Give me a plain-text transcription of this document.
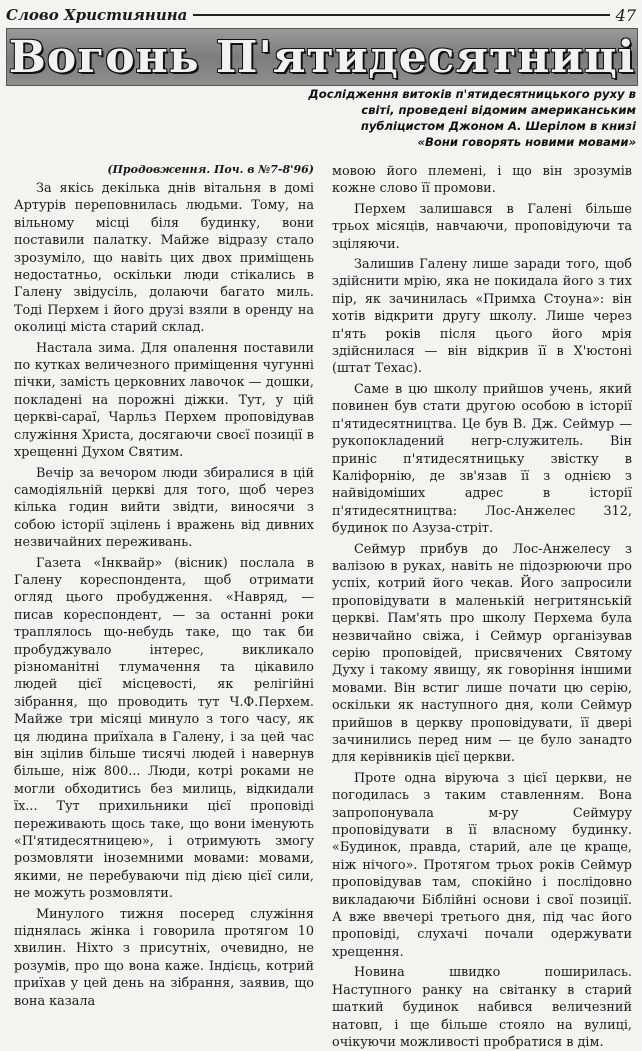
Слово Християнина	47
Вогонь П'ятидесятниці
Дослідження витоків п'ятидесятницького руху в
світі, проведені відомим американським
публіцистом Джоном А. Шерілом в книзі
«Вони говорять новими мовами»
(Продовження. Поч. в №7-8'96)

За якісь декілька днів вітальня в домі Артурів переповнилась людьми. Тому, на вільному місці біля будинку, вони поставили палатку. Майже відразу стало зрозуміло, що навіть цих двох приміщень недостатньо, оскільки люди стікались в Галену звідусіль, долаючи багато миль. Тоді Перхем і його друзі взяли в оренду на околиці міста старий склад.

Настала зима. Для опалення поставили по кутках величезного приміщення чугунні пічки, замість церковних лавочок — дошки, покладені на порожні діжки. Тут, у цій церкві-сараї, Чарльз Перхем проповідував служіння Христа, досягаючи своєї позиції в хрещенні Духом Святим.

Вечір за вечором люди збиралися в цій самодіяльній церкві для того, щоб через кілька годин вийти звідти, виносячи з собою історії зцілень і вражень від дивних незвичайних переживань.

Газета «Інквайр» (вісник) послала в Галену кореспондента, щоб отримати огляд цього пробудження. «Навряд, — писав кореспондент, — за останні роки траплялось що-небудь таке, що так би пробуджувало інтерес, викликало різноманітні тлумачення та цікавило людей цієї місцевості, як релігійні зібрання, що проводить тут Ч.Ф.Перхем. Майже три місяці минуло з того часу, як ця людина приїхала в Галену, і за цей час він зцілив більше тисячі людей і навернув більше, ніж 800... Люди, котрі роками не могли обходитись без милиць, відкидали їх... Тут прихильники цієї проповіді переживають щось таке, що вони іменують «П'ятидесятницею», і отримують змогу розмовляти іноземними мовами: мовами, якими, не перебуваючи під дією цієї сили, не можуть розмовляти.

Минулого тижня посеред служіння піднялась жінка і говорила протягом 10 хвилин. Ніхто з присутніх, очевидно, не розумів, про що вона каже. Індієць, котрий приїхав у цей день на зібрання, заявив, що вона казала

мовою його племені, і що він зрозумів кожне слово її промови.

Перхем залишався в Галені більше трьох місяців, навчаючи, проповідуючи та зціляючи.

Залишив Галену лише заради того, щоб здійснити мрію, яка не покидала його з тих пір, як зачинилась «Примха Стоуна»: він хотів відкрити другу школу. Лише через п'ять років після цього його мрія здійснилася — він відкрив її в Х'юстоні (штат Техас).

Саме в цю школу прийшов учень, який повинен був стати другою особою в історії п'ятидесятництва. Це був В. Дж. Сеймур — рукопокладений негр-служитель. Він приніс п'ятидесятницьку звістку в Каліфорнію, де зв'язав її з однією з найвідоміших адрес в історії п'ятидесятництва: Лос-Анжелес 312, будинок по Азуза-стріт.

Сеймур прибув до Лос-Анжелесу з валізою в руках, навіть не підозрюючи про успіх, котрий його чекав. Його запросили проповідувати в маленькій негритянській церкві. Пам'ять про школу Перхема була незвичайно свіжа, і Сеймур організував серію проповідей, присвячених Святому Духу і такому явищу, як говоріння іншими мовами. Він встиг лише почати цю серію, оскільки як наступного дня, коли Сеймур прийшов в церкву проповідувати, її двері зачинились перед ним — це було занадто для керівників цієї церкви.

Проте одна віруюча з цієї церкви, не погодилась з таким ставленням. Вона запропонувала м-ру Сеймуру проповідувати в її власному будинку. «Будинок, правда, старий, але це краще, ніж нічого». Протягом трьох років Сеймур проповідував там, спокійно і послідовно викладаючи Біблійні основи і свої позиції. А вже ввечері третього дня, під час його проповіді, слухачі почали одержувати хрещення.

Новина швидко поширилась. Наступного ранку на світанку в старий шаткий будинок набився величезний натовп, і ще більше стояло на вулиці, очікуючи можливості пробратися в дім.
